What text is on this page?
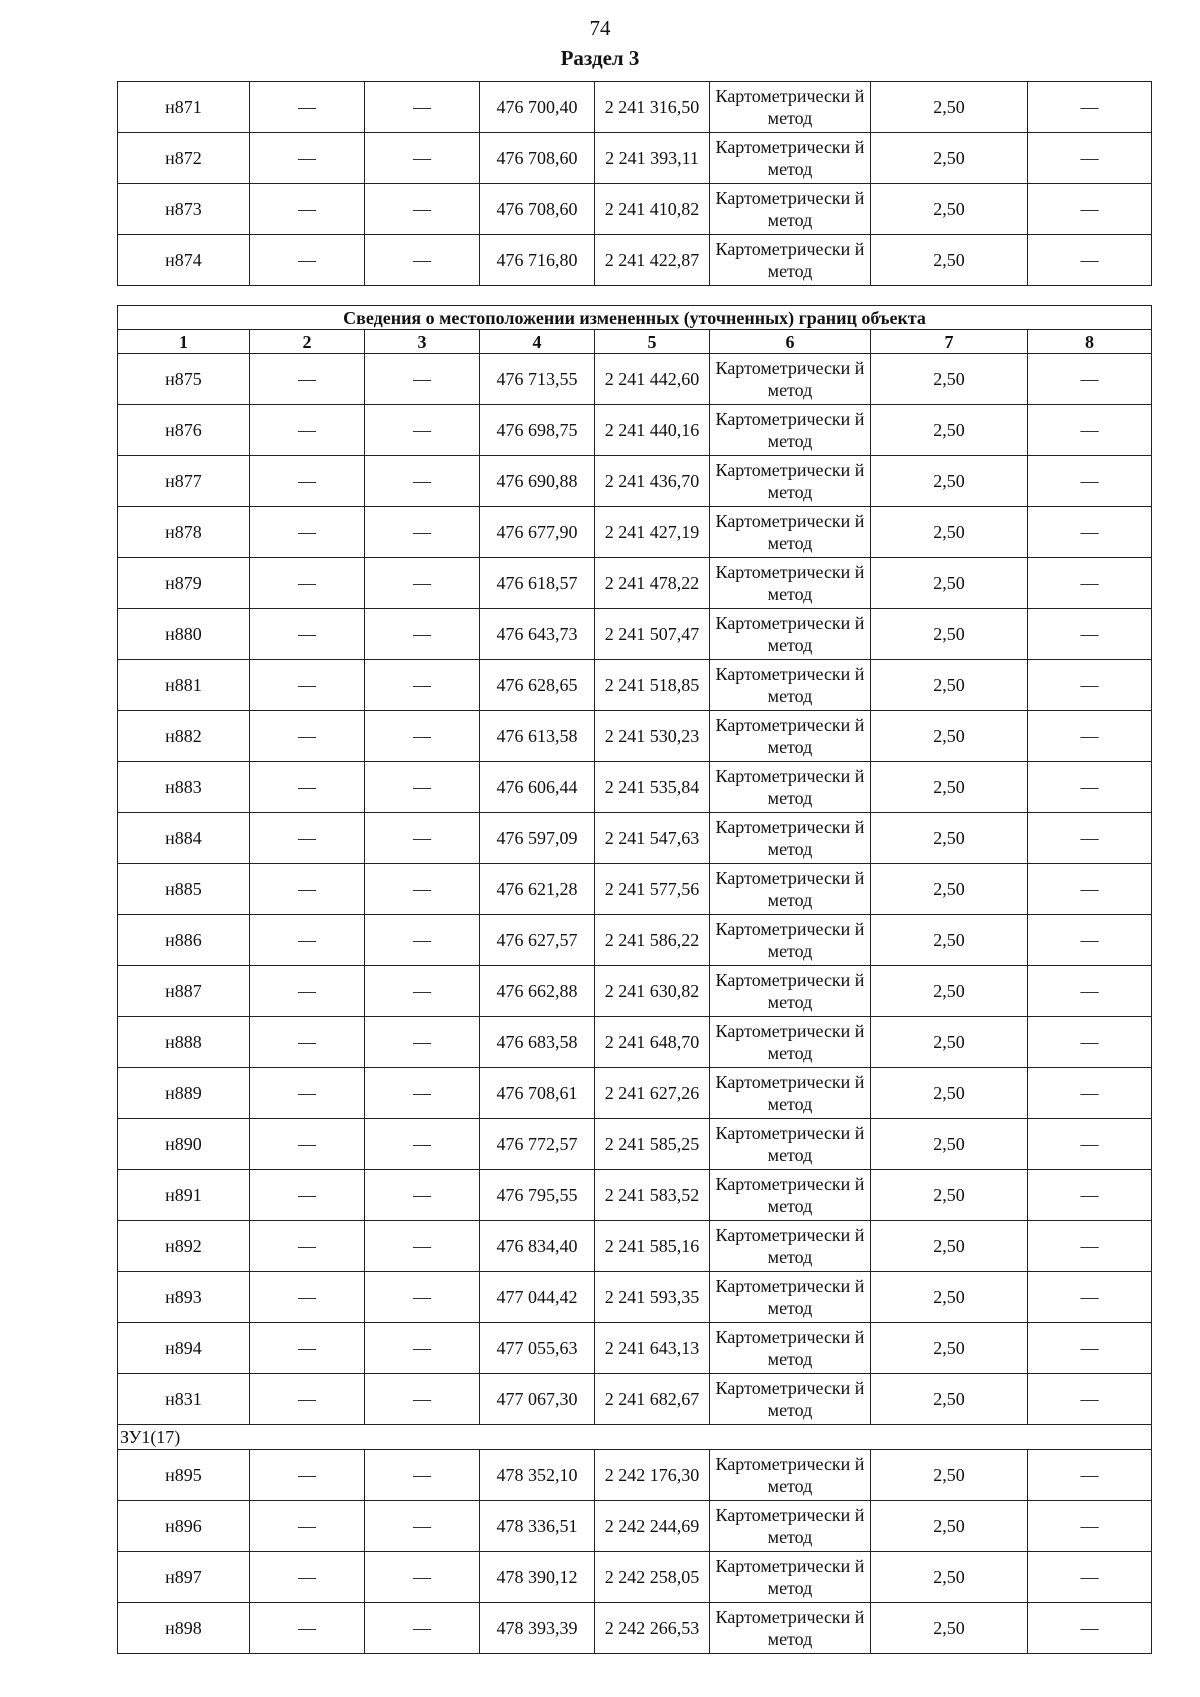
74
Раздел 3
н871	—	—	476 700,40	2 241 316,50	Картометрически й метод	2,50	—
н872	—	—	476 708,60	2 241 393,11	Картометрически й метод	2,50	—
н873	—	—	476 708,60	2 241 410,82	Картометрически й метод	2,50	—
н874	—	—	476 716,80	2 241 422,87	Картометрически й метод	2,50	—
Сведения о местоположении измененных (уточненных) границ объекта							
1	2	3	4	5	6	7	8
н875	—	—	476 713,55	2 241 442,60	Картометрически й метод	2,50	—
н876	—	—	476 698,75	2 241 440,16	Картометрически й метод	2,50	—
н877	—	—	476 690,88	2 241 436,70	Картометрически й метод	2,50	—
н878	—	—	476 677,90	2 241 427,19	Картометрически й метод	2,50	—
н879	—	—	476 618,57	2 241 478,22	Картометрически й метод	2,50	—
н880	—	—	476 643,73	2 241 507,47	Картометрически й метод	2,50	—
н881	—	—	476 628,65	2 241 518,85	Картометрически й метод	2,50	—
н882	—	—	476 613,58	2 241 530,23	Картометрически й метод	2,50	—
н883	—	—	476 606,44	2 241 535,84	Картометрически й метод	2,50	—
н884	—	—	476 597,09	2 241 547,63	Картометрически й метод	2,50	—
н885	—	—	476 621,28	2 241 577,56	Картометрически й метод	2,50	—
н886	—	—	476 627,57	2 241 586,22	Картометрически й метод	2,50	—
н887	—	—	476 662,88	2 241 630,82	Картометрически й метод	2,50	—
н888	—	—	476 683,58	2 241 648,70	Картометрически й метод	2,50	—
н889	—	—	476 708,61	2 241 627,26	Картометрически й метод	2,50	—
н890	—	—	476 772,57	2 241 585,25	Картометрически й метод	2,50	—
н891	—	—	476 795,55	2 241 583,52	Картометрически й метод	2,50	—
н892	—	—	476 834,40	2 241 585,16	Картометрически й метод	2,50	—
н893	—	—	477 044,42	2 241 593,35	Картометрически й метод	2,50	—
н894	—	—	477 055,63	2 241 643,13	Картометрически й метод	2,50	—
н831	—	—	477 067,30	2 241 682,67	Картометрически й метод	2,50	—
ЗУ1(17)							
н895	—	—	478 352,10	2 242 176,30	Картометрически й метод	2,50	—
н896	—	—	478 336,51	2 242 244,69	Картометрически й метод	2,50	—
н897	—	—	478 390,12	2 242 258,05	Картометрически й метод	2,50	—
н898	—	—	478 393,39	2 242 266,53	Картометрически й метод	2,50	—
